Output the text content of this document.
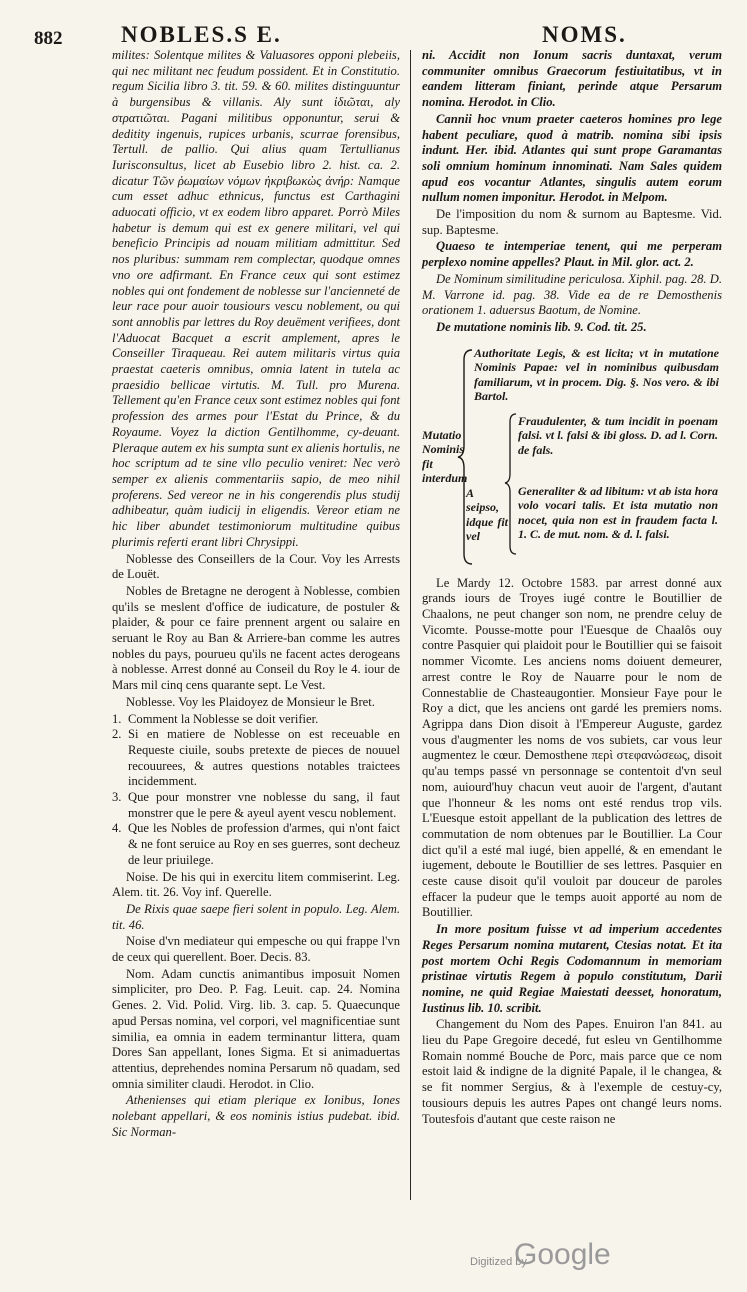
882	NOBLES.S E.	NOMS.

milites: Solentque milites & Valuasores opponi plebeiis, qui nec militant nec feudum possident. Et in Constitutio. regum Sicilia libro 3. tit. 59. & 60. milites distinguuntur à burgensibus & villanis. Aly sunt ἰδιῶται, aly στρατιῶται. Pagani militibus opponuntur, serui & deditity ingenuis, rupices urbanis, scurrae forensibus, Tertull. de pallio. Qui alius quam Tertullianus Iurisconsultus, licet ab Eusebio libro 2. hist. ca. 2. dicatur Τῶν ῥωμαίων νόμων ἠκριβωκὼς ἀνήρ: Namque cum esset adhuc ethnicus, functus est Carthagini aduocati officio, vt ex eodem libro apparet. Porrò Miles habetur is demum qui est ex genere militari, vel qui beneficio Principis ad nouam militiam admittitur. Sed nos pluribus: summam rem complectar, quodque omnes vno ore adfirmant. En France ceux qui sont estimez nobles qui ont fondement de noblesse sur l'ancienneté de leur race pour auoir tousiours vescu noblement, ou qui sont annoblis par lettres du Roy deuëment verifiees, dont l'Aduocat Bacquet a escrit amplement, apres le Conseiller Tiraqueau. Rei autem militaris virtus quia praestat caeteris omnibus, omnia latent in tutela ac praesidio bellicae virtutis. M. Tull. pro Murena. Tellement qu'en France ceux sont estimez nobles qui font profession des armes pour l'Estat du Prince, & du Royaume. Voyez la diction Gentilhomme, cy-deuant. Pleraque autem ex his sumpta sunt ex alienis hortulis, ne hoc scriptum ad te sine vllo peculio veniret: Nec verò semper ex alienis commentariis sapio, de meo nihil proferens. Sed vereor ne in his congerendis plus studij adhibeatur, quàm iudicij in eligendis. Vereor etiam ne hic liber abundet testimoniorum multitudine quibus plurimis referti erant libri Chrysippi.

Noblesse des Conseillers de la Cour. Voy les Arrests de Louët.

Nobles de Bretagne ne derogent à Noblesse, combien qu'ils se meslent d'office de iudicature, de postuler & plaider, & pour ce faire prennent argent ou salaire en seruant le Roy au Ban & Arriere-ban comme les autres nobles du pays, pourueu qu'ils ne facent actes derogeans à noblesse. Arrest donné au Conseil du Roy le 4. iour de Mars mil cinq cens quarante sept. Le Vest.

Noblesse. Voy les Plaidoyez de Monsieur le Bret.

1. Comment la Noblesse se doit verifier.
2. Si en matiere de Noblesse on est receuable en Requeste ciuile, soubs pretexte de pieces de nouuel recouurees, & autres questions notables traictees incidemment.
3. Que pour monstrer vne noblesse du sang, il faut monstrer que le pere & ayeul ayent vescu noblement.
4. Que les Nobles de profession d'armes, qui n'ont faict & ne font seruice au Roy en ses guerres, sont decheuz de leur priuilege.

Noise. De his qui in exercitu litem commiserint. Leg. Alem. tit. 26. Voy inf. Querelle.

De Rixis quae saepe fieri solent in populo. Leg. Alem. tit. 46.

Noise d'vn mediateur qui empesche ou qui frappe l'vn de ceux qui querellent. Boer. Decis. 83.

Nom. Adam cunctis animantibus imposuit Nomen simpliciter, pro Deo. P. Fag. Leuit. cap. 24. Nomina Genes. 2. Vid. Polid. Virg. lib. 3. cap. 5. Quaecunque apud Persas nomina, vel corpori, vel magnificentiae sunt similia, ea omnia in eadem terminantur littera, quam Dores San appellant, Iones Sigma. Et si animaduertas attentius, deprehendes nomina Persarum nõ quadam, sed omnia similiter claudi. Herodot. in Clio.

Athenienses qui etiam plerique ex Ionibus, Iones nolebant appellari, & eos nominis istius pudebat. ibid. Sic Norman-

ni. Accidit non Ionum sacris duntaxat, verum communiter omnibus Graecorum festiuitatibus, vt in eandem litteram finiant, perinde atque Persarum nomina. Herodot. in Clio.

Cannii hoc vnum praeter caeteros homines pro lege habent peculiare, quod à matrib. nomina sibi ipsis indunt. Her. ibid. Atlantes qui sunt prope Garamantas soli omnium hominum innominati. Nam Sales quidem apud eos vocantur Atlantes, singulis autem eorum nullum nomen imponitur. Herodot. in Melpom.

De l'imposition du nom & surnom au Baptesme. Vid. sup. Baptesme.

Quaeso te intemperiae tenent, qui me perperam perplexo nomine appelles? Plaut. in Mil. glor. act. 2.

De Nominum similitudine periculosa. Xiphil. pag. 28. D. M. Varrone id. pag. 38. Vide ea de re Demosthenis orationem 1. aduersus Baotum, de Nomine.

De mutatione nominis lib. 9. Cod. tit. 25.

Mutatio Nominis fit interdum
Authoritate Legis, & est licita; vt in mutatione Nominis Papae: vel in nominibus quibusdam familiarum, vt in procem. Dig. §. Nos vero. & ibi Bartol.
Fraudulenter, & tum incidit in poenam falsi. vt l. falsi & ibi gloss. D. ad l. Corn. de fals.
A seipso, idque fit vel
Generaliter & ad libitum: vt ab ista hora volo vocari talis. Et ista mutatio non nocet, quia non est in fraudem facta l. 1. C. de mut. nom. & d. l. falsi.

Le Mardy 12. Octobre 1583. par arrest donné aux grands iours de Troyes iugé contre le Boutillier de Chaalons, ne peut changer son nom, ne prendre celuy de Vicomte. Pousse-motte pour l'Euesque de Chaalôs ouy contre Pasquier qui plaidoit pour le Boutillier qui se faisoit nommer Vicomte. Les anciens noms doiuent demeurer, arrest contre le Roy de Nauarre pour le nom de Connestablie de Chasteaugontier. Monsieur Faye pour le Roy a dict, que les anciens ont gardé les premiers noms. Agrippa dans Dion disoit à l'Empereur Auguste, gardez vous d'augmenter les noms de vos subiets, car vous leur augmentez le cœur. Demosthene περὶ στεφανώσεως, disoit qu'au temps passé vn personnage se contentoit d'vn seul nom, auiourd'huy chacun veut auoir de l'argent, d'autant que l'honneur & les noms ont esté rendus trop vils. L'Euesque estoit appellant de la publication des lettres de commutation de nom obtenues par le Boutillier. La Cour dict qu'il a esté mal iugé, bien appellé, & en emendant le iugement, deboute le Boutillier de ses lettres. Pasquier en ceste cause disoit qu'il vouloit par douceur de paroles effacer la pudeur que le temps auoit apporté au nom de Boutillier.

In more positum fuisse vt ad imperium accedentes Reges Persarum nomina mutarent, Ctesias notat. Et ita post mortem Ochi Regis Codomannum in memoriam pristinae virtutis Regem à populo constitutum, Darii nomine, ne quid Regiae Maiestati deesset, honoratum, Iustinus lib. 10. scribit.

Changement du Nom des Papes. Enuiron l'an 841. au lieu du Pape Gregoire decedé, fut esleu vn Gentilhomme Romain nommé Bouche de Porc, mais parce que ce nom estoit laid & indigne de la dignité Papale, il le changea, & se fit nommer Sergius, & à l'exemple de cestuy-cy, tousiours depuis les autres Papes ont changé leurs noms. Toutesfois d'autant que ceste raison ne

Digitized by
Google
